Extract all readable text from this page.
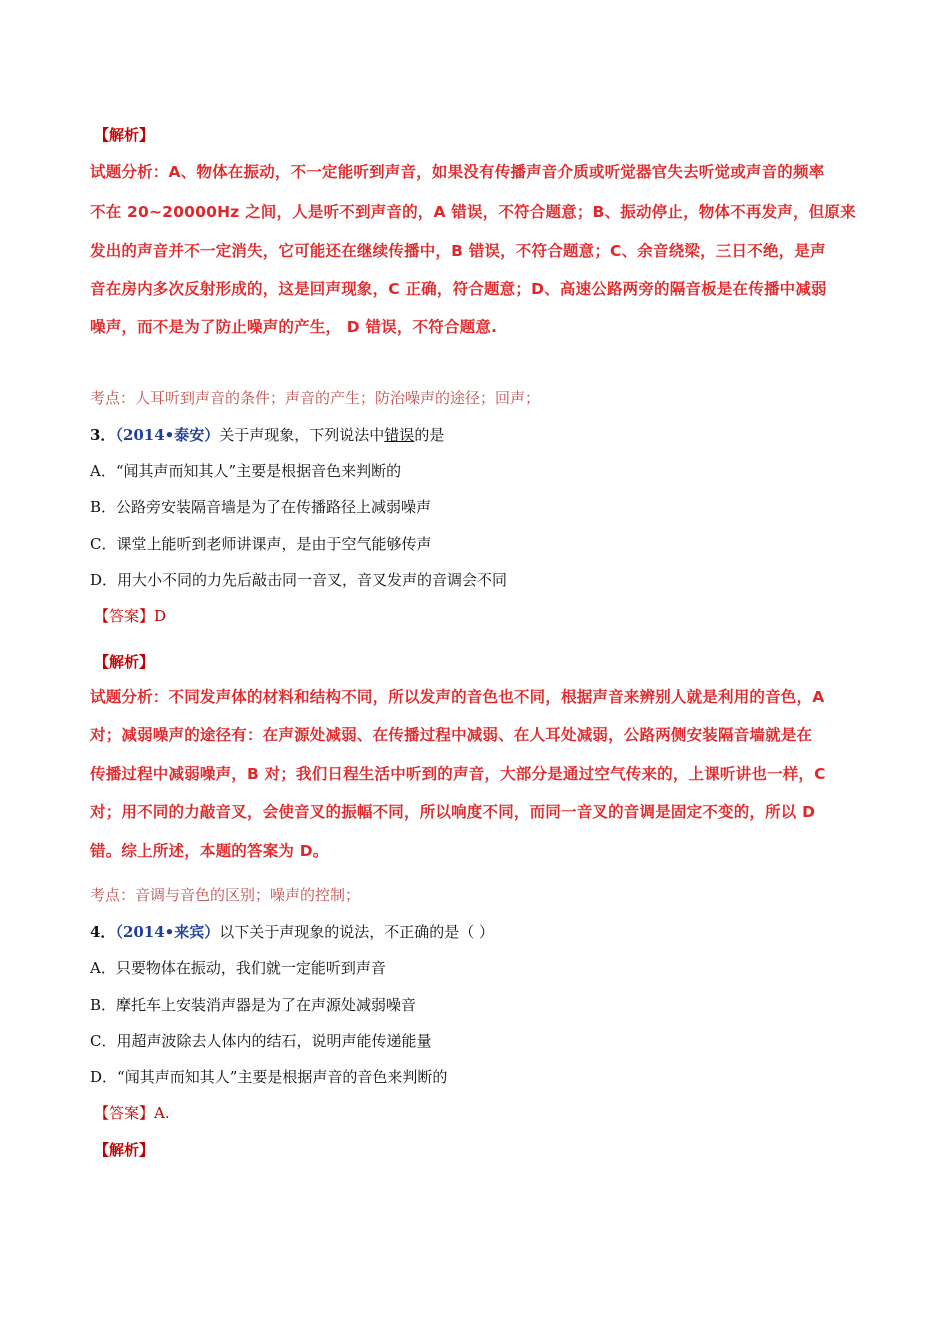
【解析】
试题分析：A、物体在振动，不一定能听到声音，如果没有传播声音介质或听觉器官失去听觉或声音的频率
不在 20~20000Hz 之间，人是听不到声音的，A 错误，不符合题意；B、振动停止，物体不再发声，但原来
发出的声音并不一定消失，它可能还在继续传播中，B 错误，不符合题意；C、余音绕梁，三日不绝，是声
音在房内多次反射形成的，这是回声现象，C 正确，符合题意；D、高速公路两旁的隔音板是在传播中减弱
噪声，而不是为了防止噪声的产生， D 错误，不符合题意.
考点：人耳听到声音的条件；声音的产生；防治噪声的途径；回声；
3．（2014•泰安）关于声现象，下列说法中错误的是
A．“闻其声而知其人”主要是根据音色来判断的
B．公路旁安装隔音墙是为了在传播路径上减弱噪声
C．课堂上能听到老师讲课声，是由于空气能够传声
D．用大小不同的力先后敲击同一音叉，音叉发声的音调会不同
【答案】D
【解析】
试题分析：不同发声体的材料和结构不同，所以发声的音色也不同，根据声音来辨别人就是利用的音色，A
对；减弱噪声的途径有：在声源处减弱、在传播过程中减弱、在人耳处减弱，公路两侧安装隔音墙就是在
传播过程中减弱噪声，B 对；我们日程生活中听到的声音，大部分是通过空气传来的，上课听讲也一样，C
对；用不同的力敲音叉，会使音叉的振幅不同，所以响度不同，而同一音叉的音调是固定不变的，所以 D
错。综上所述，本题的答案为 D。
考点：音调与音色的区别；噪声的控制；
4．（2014•来宾）以下关于声现象的说法，不正确的是（ ）
A．只要物体在振动，我们就一定能听到声音
B．摩托车上安装消声器是为了在声源处减弱噪音
C．用超声波除去人体内的结石，说明声能传递能量
D．“闻其声而知其人”主要是根据声音的音色来判断的
【答案】A.
【解析】
